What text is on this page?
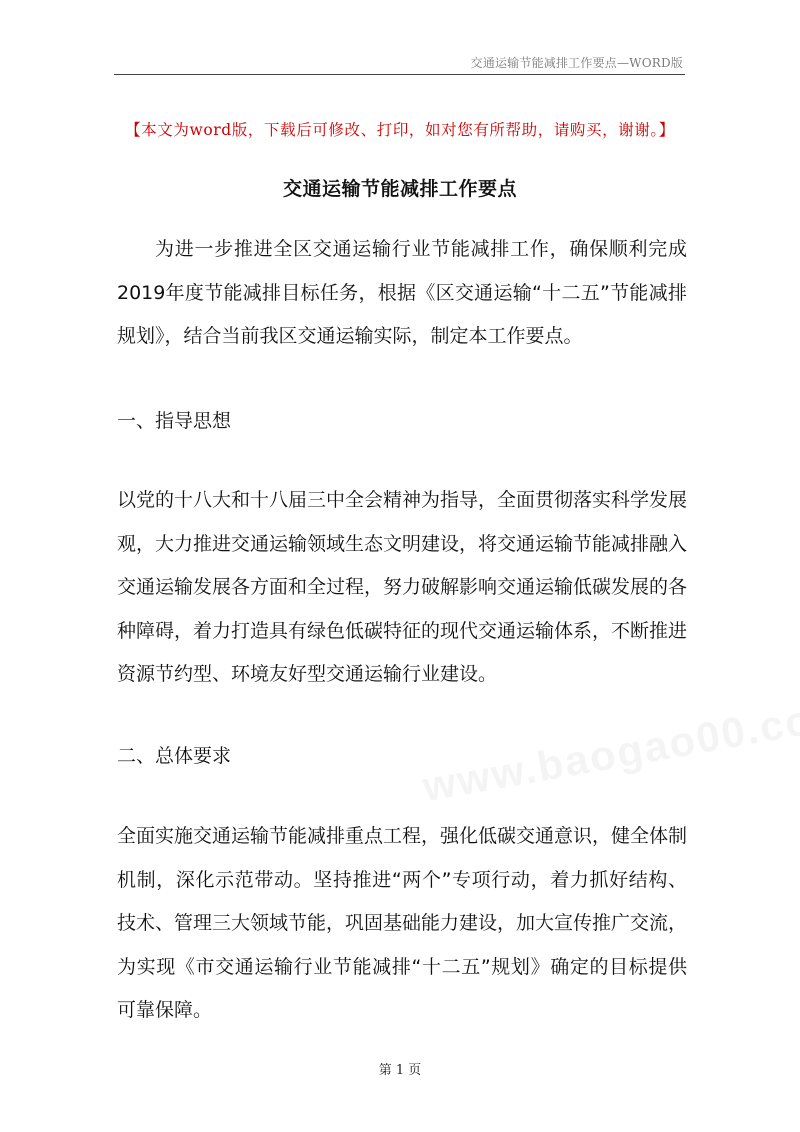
交通运输节能减排工作要点—WORD版
【本文为word版，下载后可修改、打印，如对您有所帮助，请购买，谢谢。】
交通运输节能减排工作要点

为进一步推进全区交通运输行业节能减排工作，确保顺利完成2019年度节能减排目标任务，根据《区交通运输“十二五”节能减排规划》，结合当前我区交通运输实际，制定本工作要点。

一、指导思想

以党的十八大和十八届三中全会精神为指导，全面贯彻落实科学发展观，大力推进交通运输领域生态文明建设，将交通运输节能减排融入交通运输发展各方面和全过程，努力破解影响交通运输低碳发展的各种障碍，着力打造具有绿色低碳特征的现代交通运输体系，不断推进资源节约型、环境友好型交通运输行业建设。

二、总体要求

全面实施交通运输节能减排重点工程，强化低碳交通意识，健全体制机制，深化示范带动。坚持推进“两个”专项行动，着力抓好结构、技术、管理三大领域节能，巩固基础能力建设，加大宣传推广交流，为实现《市交通运输行业节能减排“十二五”规划》确定的目标提供可靠保障。

第 1 页
